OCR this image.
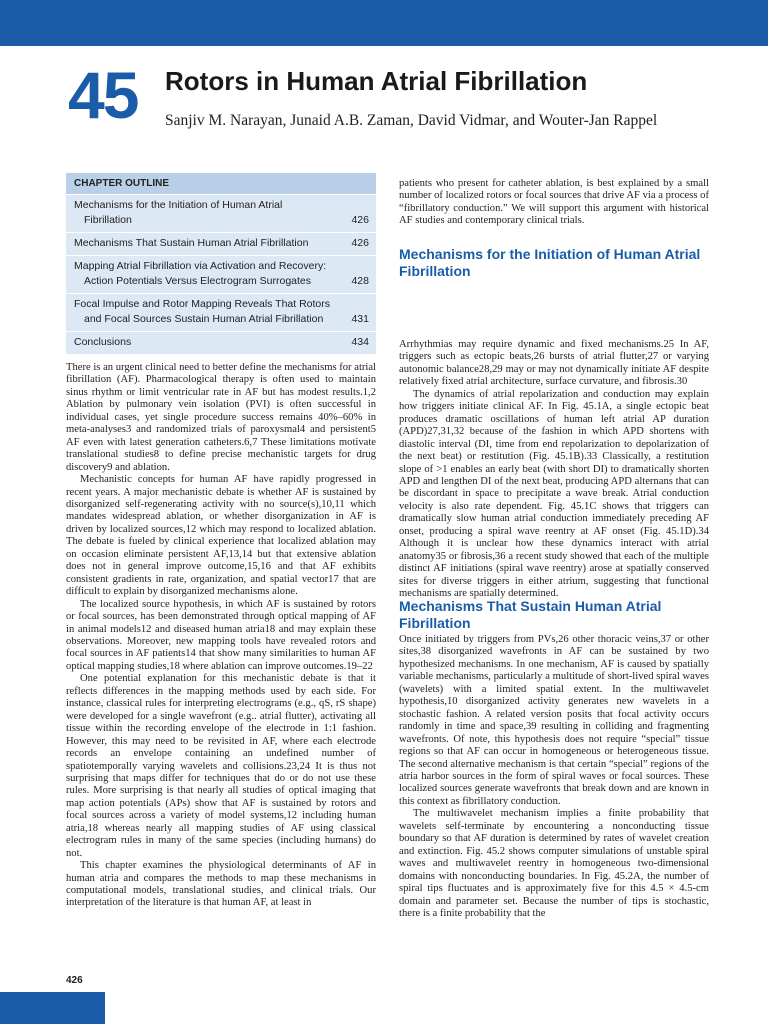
45 Rotors in Human Atrial Fibrillation
Sanjiv M. Narayan, Junaid A.B. Zaman, David Vidmar, and Wouter-Jan Rappel
CHAPTER OUTLINE
Mechanisms for the Initiation of Human Atrial
Fibrillation	426
Mechanisms That Sustain Human Atrial Fibrillation	426
Mapping Atrial Fibrillation via Activation and Recovery:
Action Potentials Versus Electrogram Surrogates	428
Focal Impulse and Rotor Mapping Reveals That Rotors
and Focal Sources Sustain Human Atrial Fibrillation	431
Conclusions	434

There is an urgent clinical need to better define the mechanisms for atrial fibrillation (AF). Pharmacological therapy is often used to maintain sinus rhythm or limit ventricular rate in AF but has modest results.1,2 Ablation by pulmonary vein isolation (PVI) is often successful in individual cases, yet single procedure success remains 40%–60% in meta-analyses3 and randomized trials of paroxysmal4 and persistent5 AF even with latest generation catheters.6,7 These limitations motivate translational studies8 to define precise mechanistic targets for drug discovery9 and ablation.

Mechanistic concepts for human AF have rapidly progressed in recent years. A major mechanistic debate is whether AF is sustained by disorganized self-regenerating activity with no source(s),10,11 which mandates widespread ablation, or whether disorganization in AF is driven by localized sources,12 which may respond to localized ablation. The debate is fueled by clinical experience that localized ablation may on occasion eliminate persistent AF,13,14 but that extensive ablation does not in general improve outcome,15,16 and that AF exhibits consistent gradients in rate, organization, and spatial vector17 that are difficult to explain by disorganized mechanisms alone.

The localized source hypothesis, in which AF is sustained by rotors or focal sources, has been demonstrated through optical mapping of AF in animal models12 and diseased human atria18 and may explain these observations. Moreover, new mapping tools have revealed rotors and focal sources in AF patients14 that show many similarities to human AF optical mapping studies,18 where ablation can improve outcomes.19–22

One potential explanation for this mechanistic debate is that it reflects differences in the mapping methods used by each side. For instance, classical rules for interpreting electrograms (e.g., qS, rS shape) were developed for a single wavefront (e.g.. atrial flutter), activating all tissue within the recording envelope of the electrode in 1:1 fashion. However, this may need to be revisited in AF, where each electrode records an envelope containing an undefined number of spatiotemporally varying wavelets and collisions.23,24 It is thus not surprising that maps differ for techniques that do or do not use these rules. More surprising is that nearly all studies of optical imaging that map action potentials (APs) show that AF is sustained by rotors and focal sources across a variety of model systems,12 including human atria,18 whereas nearly all mapping studies of AF using classical electrogram rules in many of the same species (including humans) do not.

This chapter examines the physiological determinants of AF in human atria and compares the methods to map these mechanisms in computational models, translational studies, and clinical trials. Our interpretation of the literature is that human AF, at least in

patients who present for catheter ablation, is best explained by a small number of localized rotors or focal sources that drive AF via a process of “fibrillatory conduction.” We will support this argument with historical AF studies and contemporary clinical trials.

Mechanisms for the Initiation of Human Atrial Fibrillation

Arrhythmias may require dynamic and fixed mechanisms.25 In AF, triggers such as ectopic beats,26 bursts of atrial flutter,27 or varying autonomic balance28,29 may or may not dynamically initiate AF despite relatively fixed atrial architecture, surface curvature, and fibrosis.30

The dynamics of atrial repolarization and conduction may explain how triggers initiate clinical AF. In Fig. 45.1A, a single ectopic beat produces dramatic oscillations of human left atrial AP duration (APD)27,31,32 because of the fashion in which APD shortens with diastolic interval (DI, time from end repolarization to depolarization of the next beat) or restitution (Fig. 45.1B).33 Classically, a restitution slope of >1 enables an early beat (with short DI) to dramatically shorten APD and lengthen DI of the next beat, producing APD alternans that can be discordant in space to precipitate a wave break. Atrial conduction velocity is also rate dependent. Fig. 45.1C shows that triggers can dramatically slow human atrial conduction immediately preceding AF onset, producing a spiral wave reentry at AF onset (Fig. 45.1D).34 Although it is unclear how these dynamics interact with atrial anatomy35 or fibrosis,36 a recent study showed that each of the multiple distinct AF initiations (spiral wave reentry) arose at spatially conserved sites for diverse triggers in either atrium, suggesting that functional mechanisms are spatially determined.

Mechanisms That Sustain Human Atrial Fibrillation

Once initiated by triggers from PVs,26 other thoracic veins,37 or other sites,38 disorganized wavefronts in AF can be sustained by two hypothesized mechanisms. In one mechanism, AF is caused by spatially variable mechanisms, particularly a multitude of short-lived spiral waves (wavelets) with a limited spatial extent. In the multiwavelet hypothesis,10 disorganized activity generates new wavelets in a stochastic fashion. A related version posits that focal activity occurs randomly in time and space,39 resulting in colliding and fragmenting wavefronts. Of note, this hypothesis does not require “special” tissue regions so that AF can occur in homogeneous or heterogeneous tissue. The second alternative mechanism is that certain “special” regions of the atria harbor sources in the form of spiral waves or focal sources. These localized sources generate wavefronts that break down and are known in this context as fibrillatory conduction.

The multiwavelet mechanism implies a finite probability that wavelets self-terminate by encountering a nonconducting tissue boundary so that AF duration is determined by rates of wavelet creation and extinction. Fig. 45.2 shows computer simulations of unstable spiral waves and multiwavelet reentry in homogeneous two-dimensional domains with nonconducting boundaries. In Fig. 45.2A, the number of spiral tips fluctuates and is approximately five for this 4.5 × 4.5-cm domain and parameter set. Because the number of tips is stochastic, there is a finite probability that the

426
